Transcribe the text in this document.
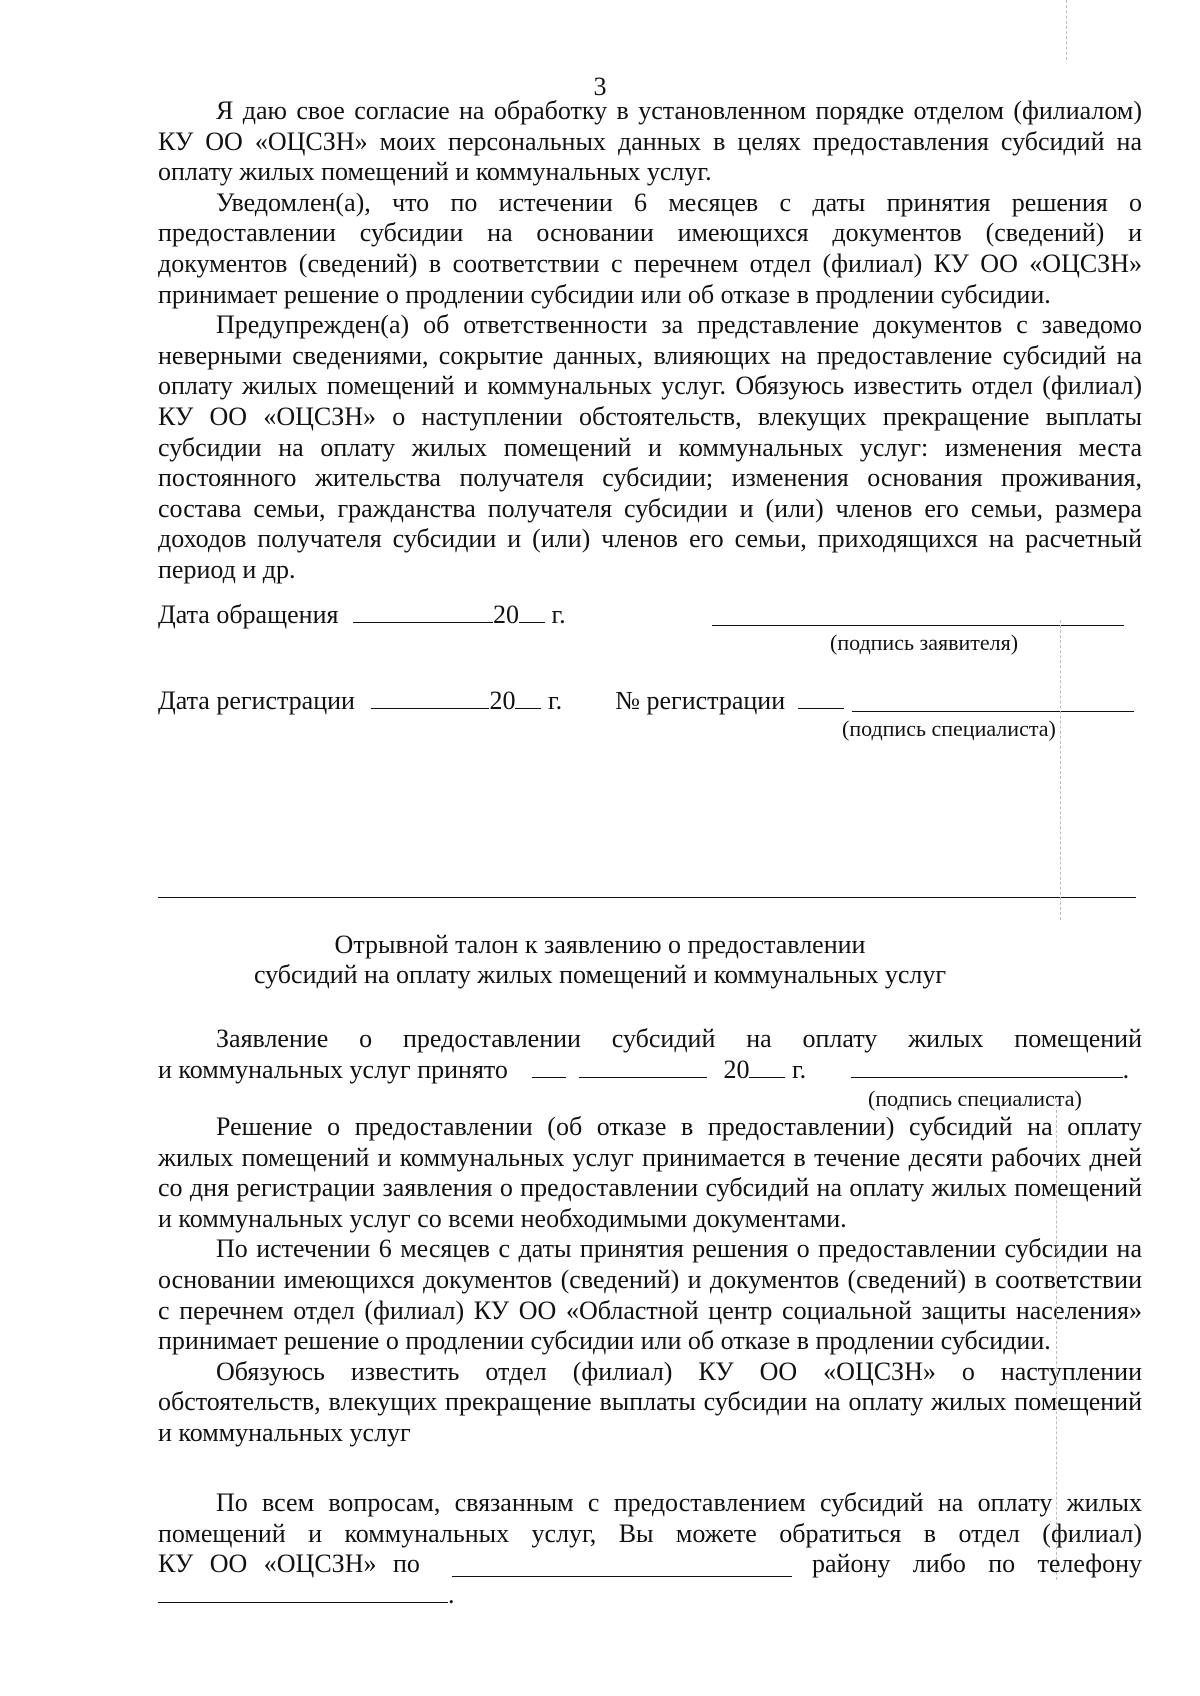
3

Я даю свое согласие на обработку в установленном порядке отделом (филиалом) КУ ОО «ОЦСЗН» моих персональных данных в целях предоставления субсидий на оплату жилых помещений и коммунальных услуг.

Уведомлен(а), что по истечении 6 месяцев с даты принятия решения о предоставлении субсидии на основании имеющихся документов (сведений) и документов (сведений) в соответствии с перечнем отдел (филиал) КУ ОО «ОЦСЗН» принимает решение о продлении субсидии или об отказе в продлении субсидии.

Предупрежден(а) об ответственности за представление документов с заведомо неверными сведениями, сокрытие данных, влияющих на предоставление субсидий на оплату жилых помещений и коммунальных услуг. Обязуюсь известить отдел (филиал) КУ ОО «ОЦСЗН» о наступлении обстоятельств, влекущих прекращение выплаты субсидии на оплату жилых помещений и коммунальных услуг: изменения места постоянного жительства получателя субсидии; изменения основания проживания, состава семьи, гражданства получателя субсидии и (или) членов его семьи, размера доходов получателя субсидии и (или) членов его семьи, приходящихся на расчетный период и др.

Дата обращения	20 г.
(подпись заявителя)
Дата регистрации	20 г. № регистрации
(подпись специалиста)
Отрывной талон к заявлению о предоставлении
субсидий на оплату жилых помещений и коммунальных услуг

Заявление о предоставлении субсидий на оплату жилых помещений

и коммунальных услуг принято	20 г.	.
(подпись специалиста)

Решение о предоставлении (об отказе в предоставлении) субсидий на оплату жилых помещений и коммунальных услуг принимается в течение десяти рабочих дней со дня регистрации заявления о предоставлении субсидий на оплату жилых помещений и коммунальных услуг со всеми необходимыми документами.

По истечении 6 месяцев с даты принятия решения о предоставлении субсидии на основании имеющихся документов (сведений) и документов (сведений) в соответствии с перечнем отдел (филиал) КУ ОО «Областной центр социальной защиты населения» принимает решение о продлении субсидии или об отказе в продлении субсидии.

Обязуюсь известить отдел (филиал) КУ ОО «ОЦСЗН» о наступлении обстоятельств, влекущих прекращение выплаты субсидии на оплату жилых помещений и коммунальных услуг

По всем вопросам, связанным с предоставлением субсидий на оплату жилых

помещений и коммунальных услуг, Вы можете обратиться в отдел (филиал)

КУ ОО «ОЦСЗН» по	району либо по телефону
.
